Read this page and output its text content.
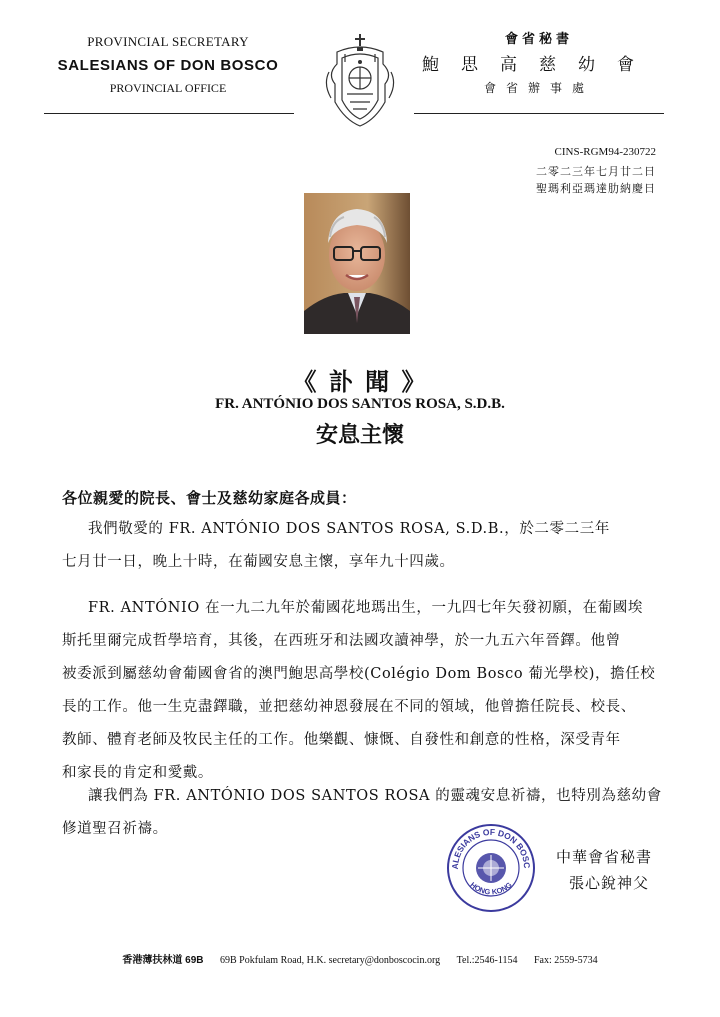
PROVINCIAL SECRETARY
SALESIANS OF DON BOSCO
PROVINCIAL OFFICE
會省秘書
鮑思高慈幼會
會省辦事處
CINS-RGM94-230722
二零二三年七月廿二日
聖瑪利亞瑪達肋納慶日
《 訃 聞 》
FR. ANTÓNIO DOS SANTOS ROSA, S.D.B.
安息主懷
各位親愛的院長、會士及慈幼家庭各成員：
我們敬愛的 FR. ANTÓNIO DOS SANTOS ROSA, S.D.B.，於二零二三年
七月廿一日，晚上十時，在葡國安息主懷，享年九十四歲。
FR. ANTÓNIO 在一九二九年於葡國花地瑪出生，一九四七年矢發初願，在葡國埃
斯托里爾完成哲學培育，其後，在西班牙和法國攻讀神學，於一九五六年晉鐸。他曾
被委派到屬慈幼會葡國會省的澳門鮑思高學校(Colégio Dom Bosco 葡光學校)，擔任校
長的工作。他一生克盡鐸職，並把慈幼神恩發展在不同的領域，他曾擔任院長、校長、
教師、體育老師及牧民主任的工作。他樂觀、慷慨、自發性和創意的性格，深受青年
和家長的肯定和愛戴。
讓我們為 FR. ANTÓNIO DOS SANTOS ROSA 的靈魂安息祈禱，也特別為慈幼會
修道聖召祈禱。
ALESIANS OF DON BOSC
HONG KONG
中華會省秘書
張心銳神父
香港薄扶林道 69B 69B Pokfulam Road, H.K. secretary@donboscocin.org Tel.:2546-1154 Fax: 2559-5734
